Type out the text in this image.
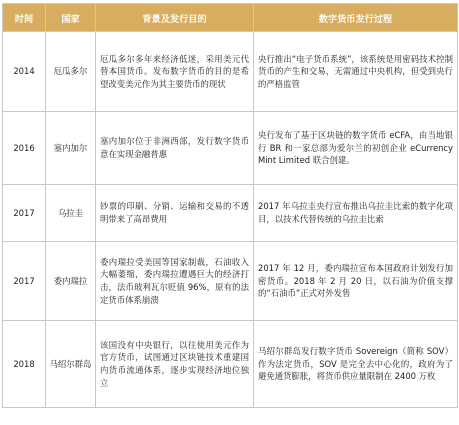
时间	国家	背景及发行目的	数字货币发行过程
2014	厄瓜多尔	厄瓜多尔多年来经济低迷，采用美元代替本国货币。发布数字货币的目的是希望改变美元作为其主要货币的现状	央行推出“电子货币系统”，该系统是用密码技术控制货币的产生和交易，无需通过中央机构，但受到央行的严格监管
2016	塞内加尔	塞内加尔位于非洲西部，发行数字货币意在实现金融普惠	央行发布了基于区块链的数字货币 eCFA，由当地银行 BR 和一家总部为爱尔兰的初创企业 eCurrency Mint Limited 联合创建。
2017	乌拉圭	钞票的印刷、分销、运输和交易的不透明带来了高昂费用	2017 年乌拉圭央行宣布推出乌拉圭比索的数字化项目，以技术代替传统的乌拉圭比索
2017	委内瑞拉	委内瑞拉受美国等国家制裁，石油收入大幅萎缩，委内瑞拉遭遇巨大的经济打击，法币玻利瓦尔贬值 96%，原有的法定货币体系崩溃	2017 年 12 月，委内瑞拉宣布本国政府计划发行加密货币。2018 年 2 月 20 日，以石油为价值支撑的“石油币”正式对外发售
2018	马绍尔群岛	该国没有中央银行，以往使用美元作为官方货币，试图通过区块链技术重建国内货币流通体系，逐步实现经济地位独立	马绍尔群岛发行数字货币 Sovereign（简称 SOV）作为法定货币，SOV 是完全去中心化的，政府为了避免通货膨胀，将货币供应量限制在 2400 万枚
